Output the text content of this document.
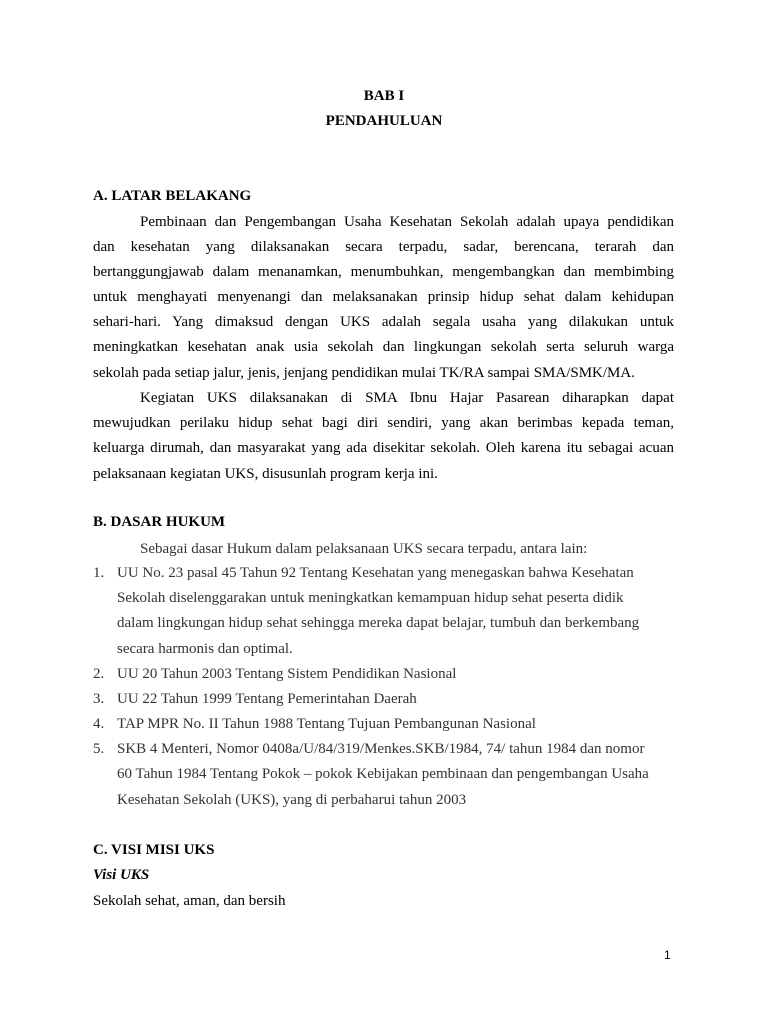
BAB I
PENDAHULUAN
A. LATAR BELAKANG
Pembinaan dan Pengembangan Usaha Kesehatan Sekolah adalah upaya pendidikan
dan kesehatan yang dilaksanakan secara terpadu, sadar, berencana, terarah dan
bertanggungjawab dalam menanamkan, menumbuhkan, mengembangkan dan membimbing
untuk menghayati menyenangi dan melaksanakan prinsip hidup sehat dalam kehidupan
sehari-hari. Yang dimaksud dengan UKS adalah segala usaha yang dilakukan untuk
meningkatkan kesehatan anak usia sekolah dan lingkungan sekolah serta seluruh warga
sekolah pada setiap jalur, jenis, jenjang pendidikan mulai TK/RA sampai SMA/SMK/MA.
Kegiatan UKS dilaksanakan di SMA Ibnu Hajar Pasarean diharapkan dapat
mewujudkan perilaku hidup sehat bagi diri sendiri, yang akan berimbas kepada teman,
keluarga dirumah, dan masyarakat yang ada disekitar sekolah. Oleh karena itu sebagai acuan
pelaksanaan kegiatan UKS, disusunlah program kerja ini.
B. DASAR HUKUM
Sebagai dasar Hukum dalam pelaksanaan UKS secara terpadu, antara lain:
1. UU No. 23 pasal 45 Tahun 92 Tentang Kesehatan yang menegaskan bahwa Kesehatan
Sekolah diselenggarakan untuk meningkatkan kemampuan hidup sehat peserta didik
dalam lingkungan hidup sehat sehingga mereka dapat belajar, tumbuh dan berkembang
secara harmonis dan optimal.
2. UU 20 Tahun 2003 Tentang Sistem Pendidikan Nasional
3. UU 22 Tahun 1999 Tentang Pemerintahan Daerah
4. TAP MPR No. II Tahun 1988 Tentang Tujuan Pembangunan Nasional
5. SKB 4 Menteri, Nomor 0408a/U/84/319/Menkes.SKB/1984, 74/ tahun 1984 dan nomor
60 Tahun 1984 Tentang Pokok – pokok Kebijakan pembinaan dan pengembangan Usaha
Kesehatan Sekolah (UKS), yang di perbaharui tahun 2003
C. VISI MISI UKS
Visi UKS
Sekolah sehat, aman, dan bersih
1
